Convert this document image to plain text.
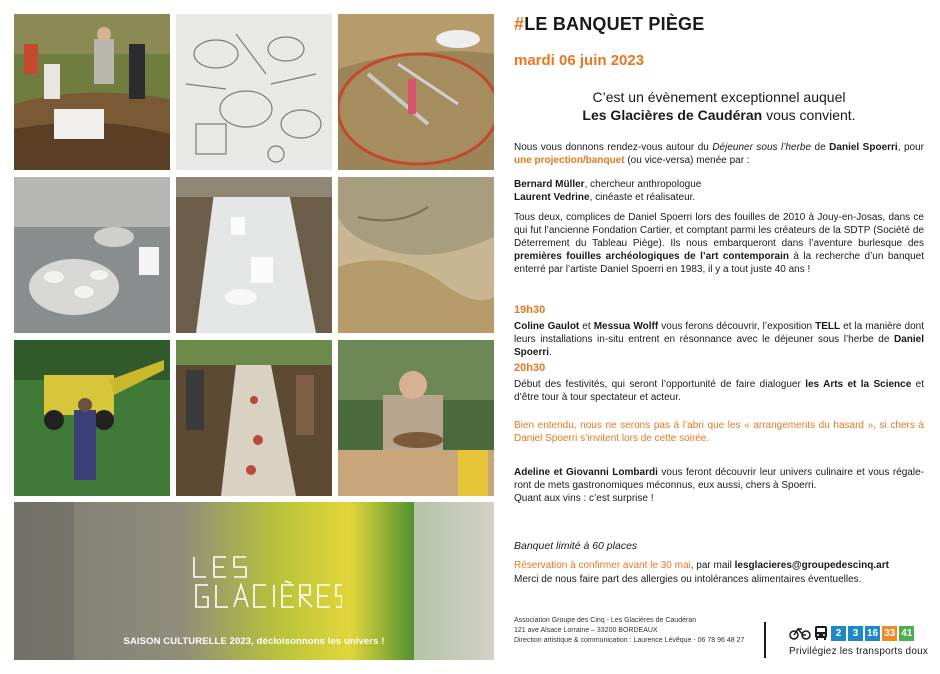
SAISON CULTURELLE 2023, décloisonnons les univers !
#LE BANQUET PIÈGE
mardi 06 juin 2023
C’est un évènement exceptionnel auquel
Les Glacières de Caudéran vous convient.
Nous vous donnons rendez-vous autour du Déjeuner sous l’herbe de Daniel Spoerri, pour une projection/banquet (ou vice-versa) menée par :
Bernard Müller, chercheur anthropologue
Laurent Vedrine, cinéaste et réalisateur.
Tous deux, complices de Daniel Spoerri lors des fouilles de 2010 à Jouy-en-Josas, dans ce qui fut l’ancienne Fondation Cartier, et comptant parmi les créateurs de la SDTP (Société de Déterrement du Tableau Piège). Ils nous embarqueront dans l’aventure burlesque des premières fouilles archéologiques de l’art contemporain à la recherche d’un banquet enterré par l’artiste Daniel Spoerri en 1983, il y a tout juste 40 ans !
19h30
Coline Gaulot et Messua Wolff vous ferons découvrir, l’exposition TELL et la manière dont leurs installations in-situ entrent en résonnance avec le déjeuner sous l’herbe de Daniel Spoerri.
20h30
Début des festivités, qui seront l’opportunité de faire dialoguer les Arts et la Science et d’être tour à tour spectateur et acteur.
Bien entendu, nous ne serons pas à l’abri que les « arrangements du hasard », si chers à Daniel Spoerri s’invitent lors de cette soirée.
Adeline et Giovanni Lombardi vous feront découvrir leur univers culinaire et vous régaleront de mets gastronomiques méconnus, eux aussi, chers à Spoerri.
Quant aux vins : c’est surprise !
Banquet limité à 60 places
Réservation à confirmer avant le 30 mai, par mail lesglacieres@groupedescinq.art
Merci de nous faire part des allergies ou intolérances alimentaires éventuelles.
Association Groupe des Cinq - Les Glacières de Caudéran
121 ave Alsace Lorraine – 33200 BORDEAUX
Direction artistique & communication : Laurence Lévêque - 06 78 96 48 27
2	3 16 33 41
Privilégiez les transports doux
